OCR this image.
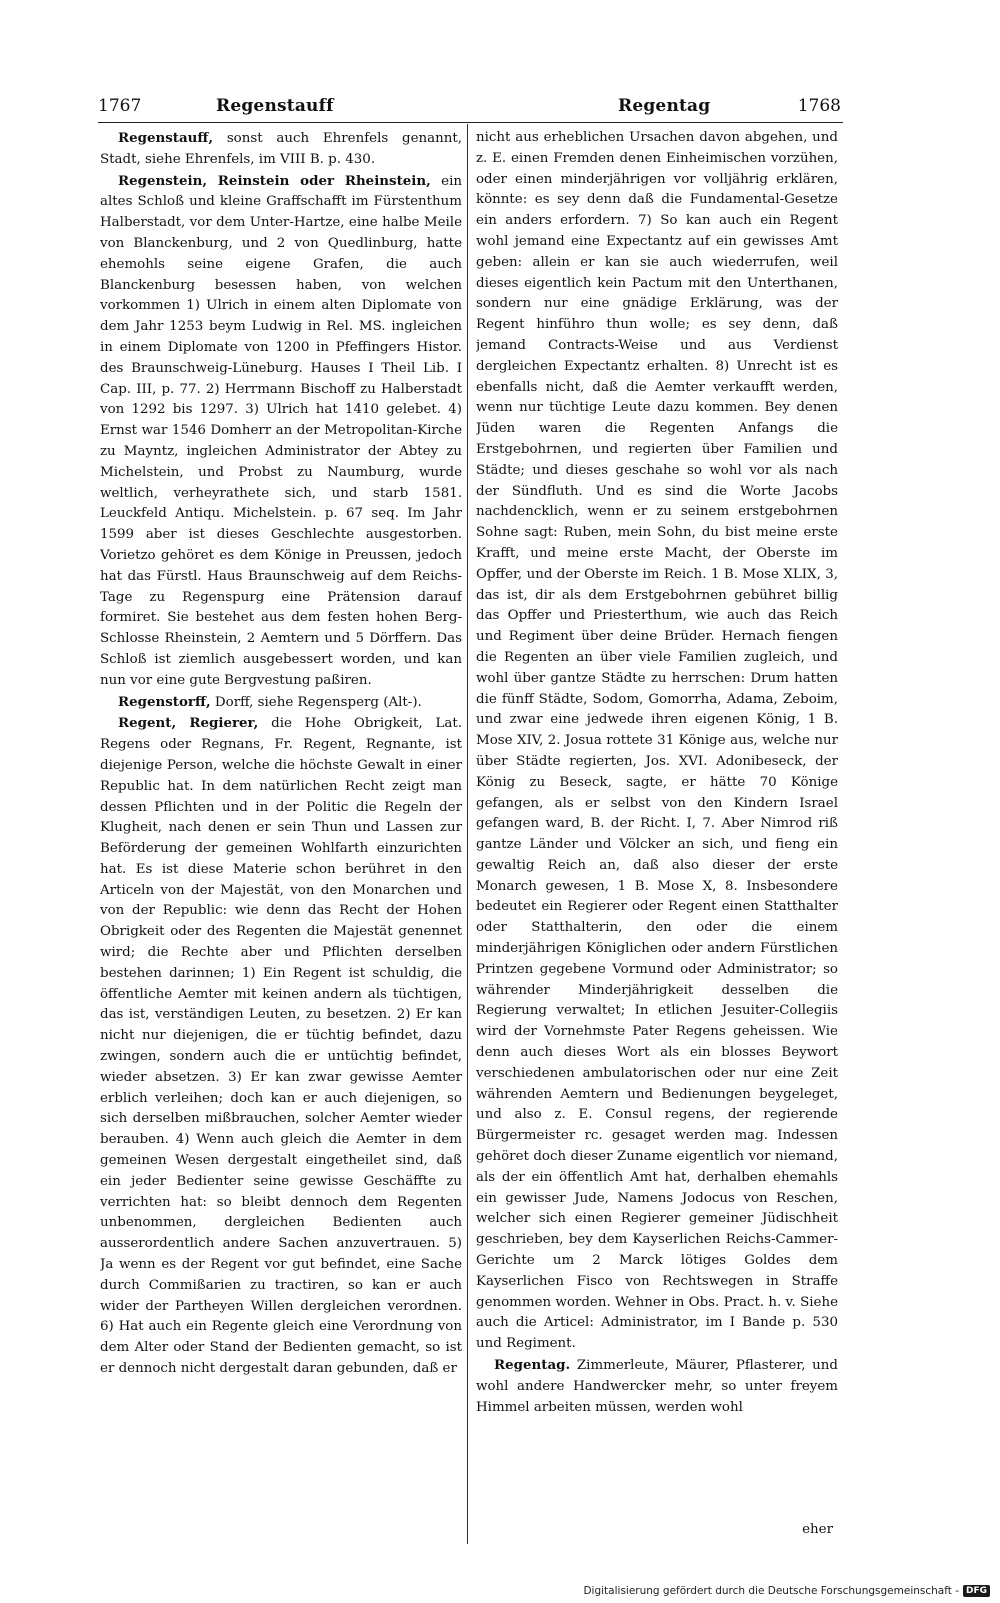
1767	Regenstauff	Regentag	1768

Regenstauff, sonst auch Ehrenfels genannt, Stadt, siehe Ehrenfels, im VIII B. p. 430.

Regenstein, Reinstein oder Rheinstein, ein altes Schloß und kleine Graffschafft im Fürstenthum Halberstadt, vor dem Unter-Hartze, eine halbe Meile von Blanckenburg, und 2 von Quedlinburg, hatte ehemohls seine eigene Grafen, die auch Blanckenburg besessen haben, von welchen vorkommen 1) Ulrich in einem alten Diplomate von dem Jahr 1253 beym Ludwig in Rel. MS. ingleichen in einem Diplomate von 1200 in Pfeffingers Histor. des Braunschweig-Lüneburg. Hauses I Theil Lib. I Cap. III, p. 77. 2) Herrmann Bischoff zu Halberstadt von 1292 bis 1297. 3) Ulrich hat 1410 gelebet. 4) Ernst war 1546 Domherr an der Metropolitan-Kirche zu Mayntz, ingleichen Administrator der Abtey zu Michelstein, und Probst zu Naumburg, wurde weltlich, verheyrathete sich, und starb 1581. Leuckfeld Antiqu. Michelstein. p. 67 seq. Im Jahr 1599 aber ist dieses Geschlechte ausgestorben. Vorietzo gehöret es dem Könige in Preussen, jedoch hat das Fürstl. Haus Braunschweig auf dem Reichs-Tage zu Regenspurg eine Prätension darauf formiret. Sie bestehet aus dem festen hohen Berg-Schlosse Rheinstein, 2 Aemtern und 5 Dörffern. Das Schloß ist ziemlich ausgebessert worden, und kan nun vor eine gute Bergvestung paßiren.

Regenstorff, Dorff, siehe Regensperg (Alt-).

Regent, Regierer, die Hohe Obrigkeit, Lat. Regens oder Regnans, Fr. Regent, Regnante, ist diejenige Person, welche die höchste Gewalt in einer Republic hat. In dem natürlichen Recht zeigt man dessen Pflichten und in der Politic die Regeln der Klugheit, nach denen er sein Thun und Lassen zur Beförderung der gemeinen Wohlfarth einzurichten hat. Es ist diese Materie schon berühret in den Articeln von der Majestät, von den Monarchen und von der Republic: wie denn das Recht der Hohen Obrigkeit oder des Regenten die Majestät genennet wird; die Rechte aber und Pflichten derselben bestehen darinnen; 1) Ein Regent ist schuldig, die öffentliche Aemter mit keinen andern als tüchtigen, das ist, verständigen Leuten, zu besetzen. 2) Er kan nicht nur diejenigen, die er tüchtig befindet, dazu zwingen, sondern auch die er untüchtig befindet, wieder absetzen. 3) Er kan zwar gewisse Aemter erblich verleihen; doch kan er auch diejenigen, so sich derselben mißbrauchen, solcher Aemter wieder berauben. 4) Wenn auch gleich die Aemter in dem gemeinen Wesen dergestalt eingetheilet sind, daß ein jeder Bedienter seine gewisse Geschäffte zu verrichten hat: so bleibt dennoch dem Regenten unbenommen, dergleichen Bedienten auch ausserordentlich andere Sachen anzuvertrauen. 5) Ja wenn es der Regent vor gut befindet, eine Sache durch Commißarien zu tractiren, so kan er auch wider der Partheyen Willen dergleichen verordnen. 6) Hat auch ein Regente gleich eine Verordnung von dem Alter oder Stand der Bedienten gemacht, so ist er dennoch nicht dergestalt daran gebunden, daß er

nicht aus erheblichen Ursachen davon abgehen, und z. E. einen Fremden denen Einheimischen vorzühen, oder einen minderjährigen vor volljährig erklären, könnte: es sey denn daß die Fundamental-Gesetze ein anders erfordern. 7) So kan auch ein Regent wohl jemand eine Expectantz auf ein gewisses Amt geben: allein er kan sie auch wiederrufen, weil dieses eigentlich kein Pactum mit den Unterthanen, sondern nur eine gnädige Erklärung, was der Regent hinführo thun wolle; es sey denn, daß jemand Contracts-Weise und aus Verdienst dergleichen Expectantz erhalten. 8) Unrecht ist es ebenfalls nicht, daß die Aemter verkaufft werden, wenn nur tüchtige Leute dazu kommen. Bey denen Jüden waren die Regenten Anfangs die Erstgebohrnen, und regierten über Familien und Städte; und dieses geschahe so wohl vor als nach der Sündfluth. Und es sind die Worte Jacobs nachdencklich, wenn er zu seinem erstgebohrnen Sohne sagt: Ruben, mein Sohn, du bist meine erste Krafft, und meine erste Macht, der Oberste im Opffer, und der Oberste im Reich. 1 B. Mose XLIX, 3, das ist, dir als dem Erstgebohrnen gebühret billig das Opffer und Priesterthum, wie auch das Reich und Regiment über deine Brüder. Hernach fiengen die Regenten an über viele Familien zugleich, und wohl über gantze Städte zu herrschen: Drum hatten die fünff Städte, Sodom, Gomorrha, Adama, Zeboim, und zwar eine jedwede ihren eigenen König, 1 B. Mose XIV, 2. Josua rottete 31 Könige aus, welche nur über Städte regierten, Jos. XVI. Adonibeseck, der König zu Beseck, sagte, er hätte 70 Könige gefangen, als er selbst von den Kindern Israel gefangen ward, B. der Richt. I, 7. Aber Nimrod riß gantze Länder und Völcker an sich, und fieng ein gewaltig Reich an, daß also dieser der erste Monarch gewesen, 1 B. Mose X, 8. Insbesondere bedeutet ein Regierer oder Regent einen Statthalter oder Statthalterin, den oder die einem minderjährigen Königlichen oder andern Fürstlichen Printzen gegebene Vormund oder Administrator; so währender Minderjährigkeit desselben die Regierung verwaltet; In etlichen Jesuiter-Collegiis wird der Vornehmste Pater Regens geheissen. Wie denn auch dieses Wort als ein blosses Beywort verschiedenen ambulatorischen oder nur eine Zeit währenden Aemtern und Bedienungen beygeleget, und also z. E. Consul regens, der regierende Bürgermeister rc. gesaget werden mag. Indessen gehöret doch dieser Zuname eigentlich vor niemand, als der ein öffentlich Amt hat, derhalben ehemahls ein gewisser Jude, Namens Jodocus von Reschen, welcher sich einen Regierer gemeiner Jüdischheit geschrieben, bey dem Kayserlichen Reichs-Cammer-Gerichte um 2 Marck lötiges Goldes dem Kayserlichen Fisco von Rechtswegen in Straffe genommen worden. Wehner in Obs. Pract. h. v. Siehe auch die Articel: Administrator, im I Bande p. 530 und Regiment.

Regentag. Zimmerleute, Mäurer, Pflasterer, und wohl andere Handwercker mehr, so unter freyem Himmel arbeiten müssen, werden wohl

eher
Digitalisierung gefördert durch die Deutsche Forschungsgemeinschaft - DFG
